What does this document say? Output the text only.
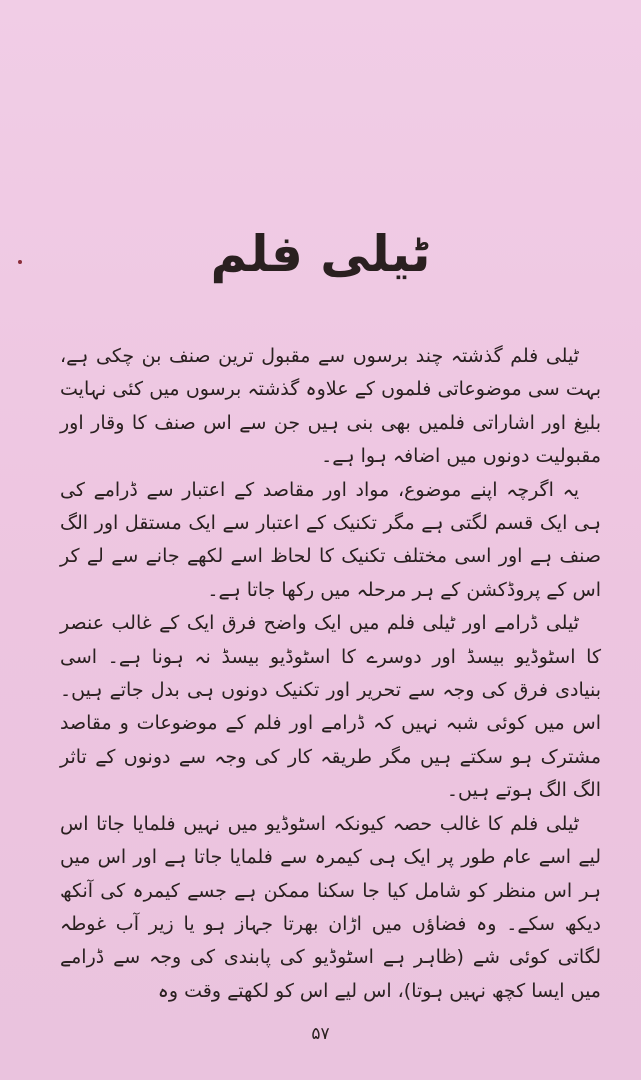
ٹیلی فلم

ٹیلی فلم گذشتہ چند برسوں سے مقبول ترین صنف بن چکی ہے، بہت سی موضوعاتی فلموں کے علاوہ گذشتہ برسوں میں کئی نہایت بلیغ اور اشاراتی فلمیں بھی بنی ہیں جن سے اس صنف کا وقار اور مقبولیت دونوں میں اضافہ ہوا ہے۔

یہ اگرچہ اپنے موضوع، مواد اور مقاصد کے اعتبار سے ڈرامے کی ہی ایک قسم لگتی ہے مگر تکنیک کے اعتبار سے ایک مستقل اور الگ صنف ہے اور اسی مختلف تکنیک کا لحاظ اسے لکھے جانے سے لے کر اس کے پروڈکشن کے ہر مرحلہ میں رکھا جاتا ہے۔

ٹیلی ڈرامے اور ٹیلی فلم میں ایک واضح فرق ایک کے غالب عنصر کا اسٹوڈیو بیسڈ اور دوسرے کا اسٹوڈیو بیسڈ نہ ہونا ہے۔ اسی بنیادی فرق کی وجہ سے تحریر اور تکنیک دونوں ہی بدل جاتے ہیں۔ اس میں کوئی شبہ نہیں کہ ڈرامے اور فلم کے موضوعات و مقاصد مشترک ہو سکتے ہیں مگر طریقہ کار کی وجہ سے دونوں کے تاثر الگ الگ ہوتے ہیں۔

ٹیلی فلم کا غالب حصہ کیونکہ اسٹوڈیو میں نہیں فلمایا جاتا اس لیے اسے عام طور پر ایک ہی کیمرہ سے فلمایا جاتا ہے اور اس میں ہر اس منظر کو شامل کیا جا سکنا ممکن ہے جسے کیمرہ کی آنکھ دیکھ سکے۔ وہ فضاؤں میں اڑان بھرتا جہاز ہو یا زیر آب غوطہ لگاتی کوئی شے (ظاہر ہے اسٹوڈیو کی پابندی کی وجہ سے ڈرامے میں ایسا کچھ نہیں ہوتا)، اس لیے اس کو لکھتے وقت وہ

۵۷
